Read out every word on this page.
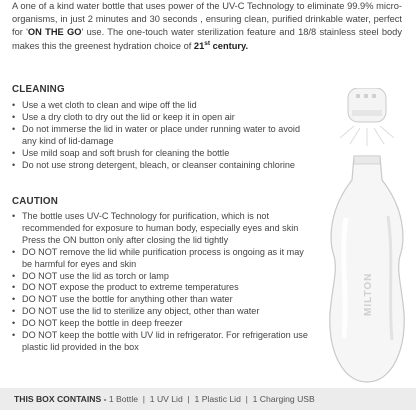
A one of a kind water bottle that uses power of the UV-C Technology to eliminate 99.9% micro-organisms, in just 2 minutes and 30 seconds , ensuring clean, purified drinkable water, perfect for 'ON THE GO' use. The one-touch water sterilization feature and 18/8 stainless steel body makes this the greenest hydration choice of 21st century.
CLEANING
• Use a wet cloth to clean and wipe off the lid
• Use a dry cloth to dry out the lid or keep it in open air
• Do not immerse the lid in water or place under running water to avoid any kind of lid-damage
• Use mild soap and soft brush for cleaning the bottle
• Do not use strong detergent, bleach, or cleanser containing chlorine
CAUTION
• The bottle uses UV-C Technology for purification, which is not recommended for exposure to human body, especially eyes and skin Press the ON button only after closing the lid tightly
• DO NOT remove the lid while purification process is ongoing as it may be harmful for eyes and skin
• DO NOT use the lid as torch or lamp
• DO NOT expose the product to extreme temperatures
• DO NOT use the bottle for anything other than water
• DO NOT use the lid to sterilize any object, other than water
• DO NOT keep the bottle in deep freezer
• DO NOT keep the bottle with UV lid in refrigerator. For refrigeration use plastic lid provided in the box
MILTON
THIS BOX CONTAINS - 1 Bottle  |  1 UV Lid  |  1 Plastic Lid  |  1 Charging USB
